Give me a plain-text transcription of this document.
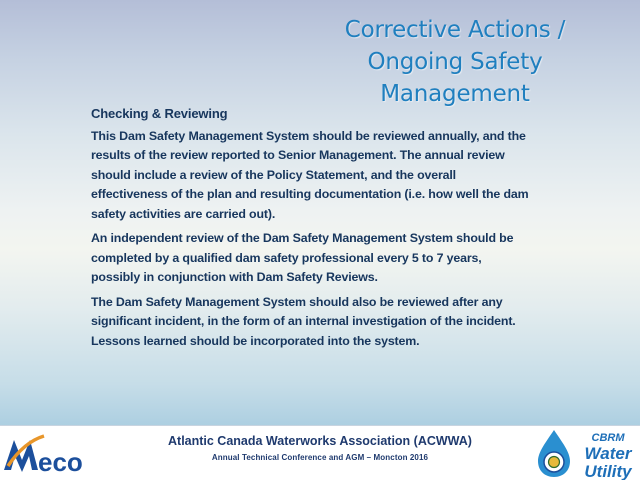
Corrective Actions /
Ongoing Safety
Management
Checking & Reviewing

This Dam Safety Management System should be reviewed annually, and the results of the review reported to Senior Management. The annual review should include a review of the Policy Statement, and the overall effectiveness of the plan and resulting documentation (i.e. how well the dam safety activities are carried out).

An independent review of the Dam Safety Management System should be completed by a qualified dam safety professional every 5 to 7 years, possibly in conjunction with Dam Safety Reviews.

The Dam Safety Management System should also be reviewed after any significant incident, in the form of an internal investigation of the incident. Lessons learned should be incorporated into the system.

eco
Atlantic Canada Waterworks Association (ACWWA)
Annual Technical Conference and AGM – Moncton 2016
CBRM
Water
Utility
